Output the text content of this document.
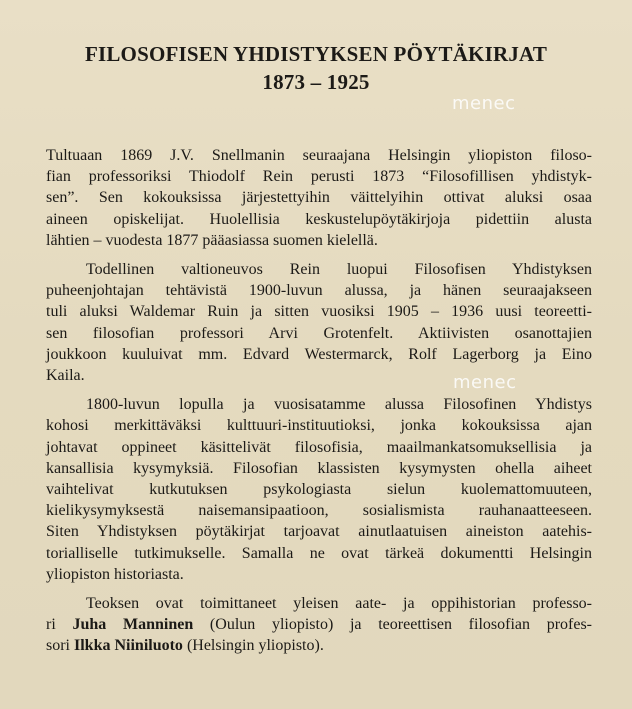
FILOSOFISEN YHDISTYKSEN PÖYTÄKIRJAT
1873 – 1925
menec
menec
Tultuaan 1869 J.V. Snellmanin seuraajana Helsingin yliopiston filoso-
fian professoriksi Thiodolf Rein perusti 1873 “Filosofillisen yhdistyk-
sen”. Sen kokouksissa järjestettyihin väittelyihin ottivat aluksi osaa
aineen opiskelijat. Huolellisia keskustelupöytäkirjoja pidettiin alusta
lähtien – vuodesta 1877 pääasiassa suomen kielellä.
Todellinen valtioneuvos Rein luopui Filosofisen Yhdistyksen
puheenjohtajan tehtävistä 1900-luvun alussa, ja hänen seuraajakseen
tuli aluksi Waldemar Ruin ja sitten vuosiksi 1905 – 1936 uusi teoreetti-
sen filosofian professori Arvi Grotenfelt. Aktiivisten osanottajien
joukkoon kuuluivat mm. Edvard Westermarck, Rolf Lagerborg ja Eino
Kaila.
1800-luvun lopulla ja vuosisatamme alussa Filosofinen Yhdistys
kohosi merkittäväksi kulttuuri-instituutioksi, jonka kokouksissa ajan
johtavat oppineet käsittelivät filosofisia, maailmankatsomuksellisia ja
kansallisia kysymyksiä. Filosofian klassisten kysymysten ohella aiheet
vaihtelivat kutkutuksen psykologiasta sielun kuolemattomuuteen,
kielikysymyksestä naisemansipaatioon, sosialismista rauhanaatteeseen.
Siten Yhdistyksen pöytäkirjat tarjoavat ainutlaatuisen aineiston aatehis-
torialliselle tutkimukselle. Samalla ne ovat tärkeä dokumentti Helsingin
yliopiston historiasta.
Teoksen ovat toimittaneet yleisen aate- ja oppihistorian professo-
ri Juha Manninen (Oulun yliopisto) ja teoreettisen filosofian profes-
sori Ilkka Niiniluoto (Helsingin yliopisto).
